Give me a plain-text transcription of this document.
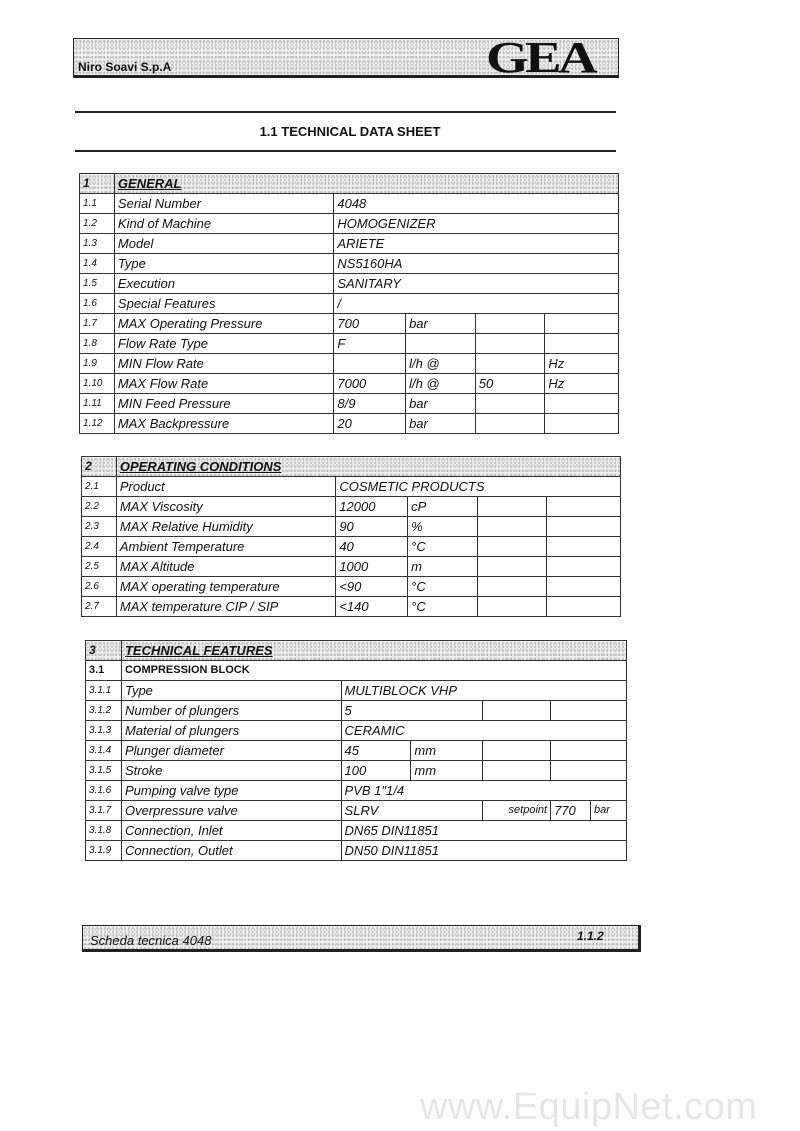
Niro Soavi S.p.A	GEA
1.1 TECHNICAL DATA SHEET
1	GENERAL				
1.1	Serial Number	4048			
1.2	Kind of Machine	HOMOGENIZER			
1.3	Model	ARIETE			
1.4	Type	NS5160HA			
1.5	Execution	SANITARY			
1.6	Special Features	/			
1.7	MAX Operating Pressure	700	bar		
1.8	Flow Rate Type	F			
1.9	MIN Flow Rate		l/h @		Hz
1.10	MAX Flow Rate	7000	l/h @	50	Hz
1.11	MIN Feed Pressure	8/9	bar		
1.12	MAX Backpressure	20	bar		
2	OPERATING CONDITIONS				
2.1	Product	COSMETIC PRODUCTS			
2.2	MAX Viscosity	12000	cP		
2.3	MAX Relative Humidity	90	%		
2.4	Ambient Temperature	40	°C		
2.5	MAX Altitude	1000	m		
2.6	MAX operating temperature	<90	°C		
2.7	MAX temperature CIP / SIP	<140	°C		
3	TECHNICAL FEATURES					
3.1	COMPRESSION BLOCK					
3.1.1	Type	MULTIBLOCK VHP				
3.1.2	Number of plungers	5				
3.1.3	Material of plungers	CERAMIC				
3.1.4	Plunger diameter	45	mm			
3.1.5	Stroke	100	mm			
3.1.6	Pumping valve type	PVB 1"1/4				
3.1.7	Overpressure valve	SLRV		setpoint	770	bar
3.1.8	Connection, Inlet	DN65 DIN11851				
3.1.9	Connection, Outlet	DN50 DIN11851				
Scheda tecnica 4048	1.1.2
www.EquipNet.com
